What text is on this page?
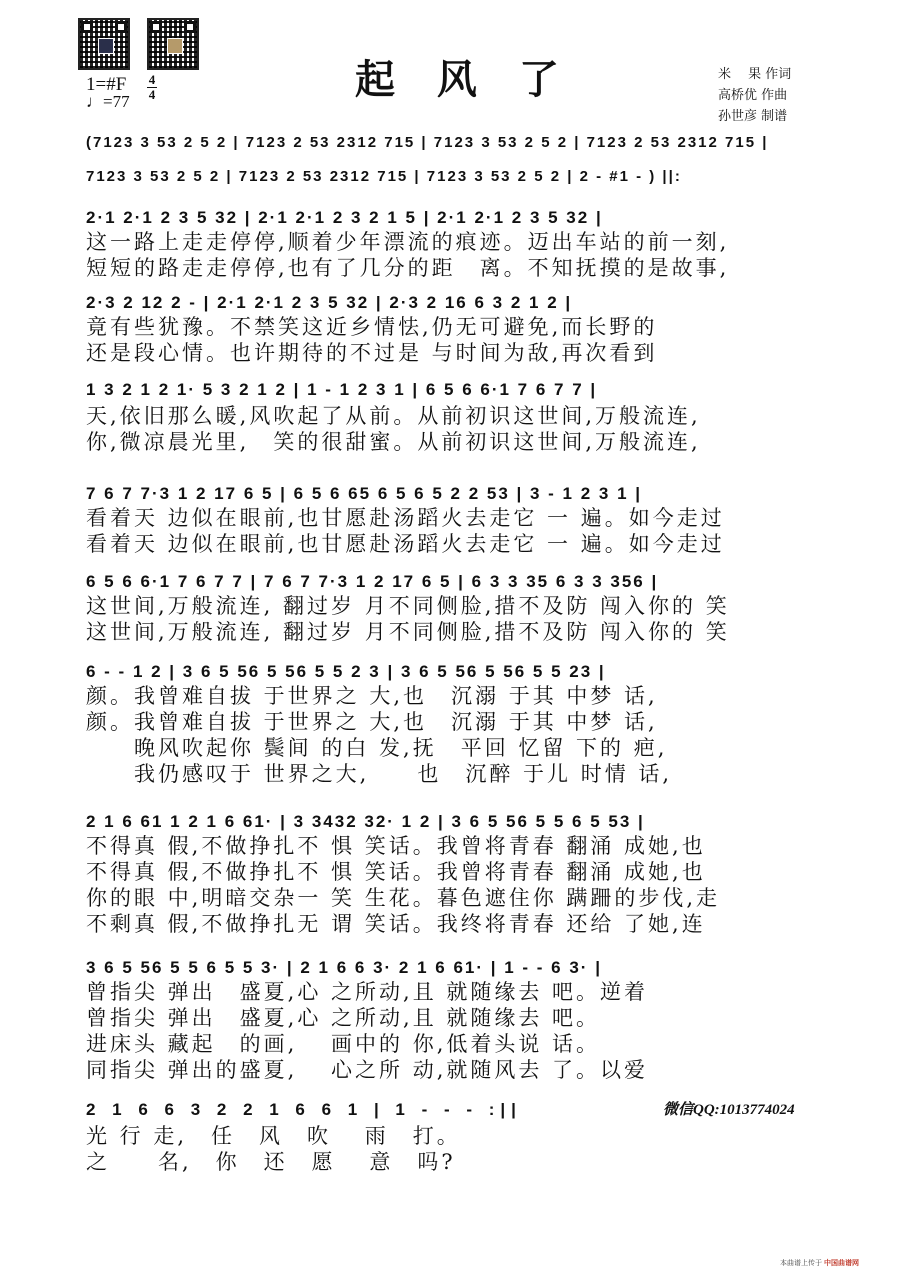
1=#F
♩=77
4
4	起 风 了	米　 果 作词
高桥优 作曲
孙世彦 制谱
(7123 3 53 2 5 2 | 7123 2 53 2312 715 | 7123 3 53 2 5 2 | 7123 2 53 2312 715 |
7123 3 53 2 5 2 | 7123 2 53 2312 715 | 7123 3 53 2 5 2 | 2 - #1 - ) ||:
2·1 2·1 2 3 5 32 | 2·1 2·1 2 3 2 1 5 | 2·1 2·1 2 3 5 32 |
这一路上走走停停,顺着少年漂流的痕迹。迈出车站的前一刻,
短短的路走走停停,也有了几分的距　离。不知抚摸的是故事,
2·3 2 12 2 - | 2·1 2·1 2 3 5 32 | 2·3 2 16 6 3 2 1 2 |
竟有些犹豫。不禁笑这近乡情怯,仍无可避免,而长野的
还是段心情。也许期待的不过是 与时间为敌,再次看到
1 3 2 1 2 1· 5 3 2 1 2 | 1 - 1 2 3 1 | 6 5 6 6·1 7 6 7 7 |
天,依旧那么暖,风吹起了从前。从前初识这世间,万般流连,
你,微凉晨光里,　笑的很甜蜜。从前初识这世间,万般流连,
7 6 7 7·3 1 2 17 6 5 | 6 5 6 65 6 5 6 5 2 2 53 | 3 - 1 2 3 1 |
看着天 边似在眼前,也甘愿赴汤蹈火去走它 一 遍。如今走过
看着天 边似在眼前,也甘愿赴汤蹈火去走它 一 遍。如今走过
6 5 6 6·1 7 6 7 7 | 7 6 7 7·3 1 2 17 6 5 | 6 3 3 35 6 3 3 356 |
这世间,万般流连, 翻过岁 月不同侧脸,措不及防 闯入你的 笑
这世间,万般流连, 翻过岁 月不同侧脸,措不及防 闯入你的 笑
6 - - 1 2 | 3 6 5 56 5 56 5 5 2 3 | 3 6 5 56 5 56 5 5 23 |
颜。我曾难自拔 于世界之 大,也　沉溺 于其 中梦 话,
颜。我曾难自拔 于世界之 大,也　沉溺 于其 中梦 话,
　　晚风吹起你 鬓间 的白 发,抚　平回 忆留 下的 疤,
　　我仍感叹于 世界之大,　　也　沉醉 于儿 时情 话,
2 1 6 61 1 2 1 6 61· | 3 3432 32· 1 2 | 3 6 5 56 5 5 6 5 53 |
不得真 假,不做挣扎不 惧 笑话。我曾将青春 翻涌 成她,也
不得真 假,不做挣扎不 惧 笑话。我曾将青春 翻涌 成她,也
你的眼 中,明暗交杂一 笑 生花。暮色遮住你 蹒跚的步伐,走
不剩真 假,不做挣扎无 谓 笑话。我终将青春 还给 了她,连
3 6 5 56 5 5 6 5 5 3· | 2 1 6 6 3· 2 1 6 61· | 1 - - 6 3· |
曾指尖 弹出　盛夏,心 之所动,且 就随缘去 吧。逆着
曾指尖 弹出　盛夏,心 之所动,且 就随缘去 吧。
进床头 藏起　的画,　 画中的 你,低着头说 话。
同指尖 弹出的盛夏,　 心之所 动,就随风去 了。以爱
2 1 6 6 3 2 2 1 6 6 1 | 1 - - - :||
光 行 走,　任　风　吹　 雨　打。
之　　名,　你　还　愿　 意　吗?
微信QQ:1013774024
本曲谱上传于 中国曲谱网
